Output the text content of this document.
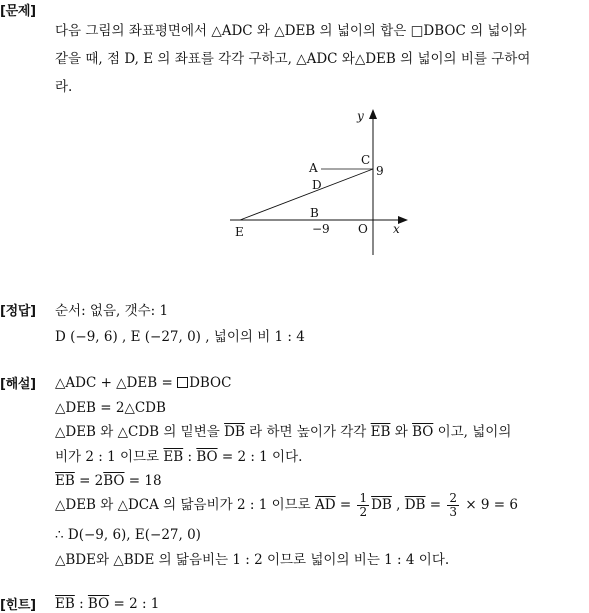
[문제]
다음 그림의 좌표평면에서 △ADC 와 △DEB 의 넓이의 합은 □DBOC 의 넓이와
같을 때, 점 D, E 의 좌표를 각각 구하고, △ADC 와△DEB 의 넓이의 비를 구하여
라.
y
A
C
9
D
B
E	−9 O x
[정답] 순서: 없음, 갯수: 1
D (−9, 6) , E (−27, 0) , 넓이의 비 1 : 4
[해설] △ADC + △DEB = DBOC
△DEB = 2△CDB
△DEB 와 △CDB 의 밑변을 $\overline{DB}$ 라 하면 높이가 각각 $\overline{EB}$ 와 $\overline{BO}$ 이고, 넓이의
비가 2 : 1 이므로 $\overline{EB}$ : $\overline{BO} = 2$ : 1 이다.
$\overline{EB} = 2\overline{BO} = 18$
△DEB 와 △DCA 의 닮음비가 2 : 1 이므로 $\overline{AD} = \frac{1}{2} \overline{DB}$ , $\overline{DB} = \frac{2}{3} \times 9 = 6$
∴ D(−9, 6), E(−27, 0)
△BDE와 △BDE 의 닮음비는 1 : 2 이므로 넓이의 비는 1 : 4 이다.
[힌트] $\overline{EB}$ : $\overline{BO} = 2$ : 1
